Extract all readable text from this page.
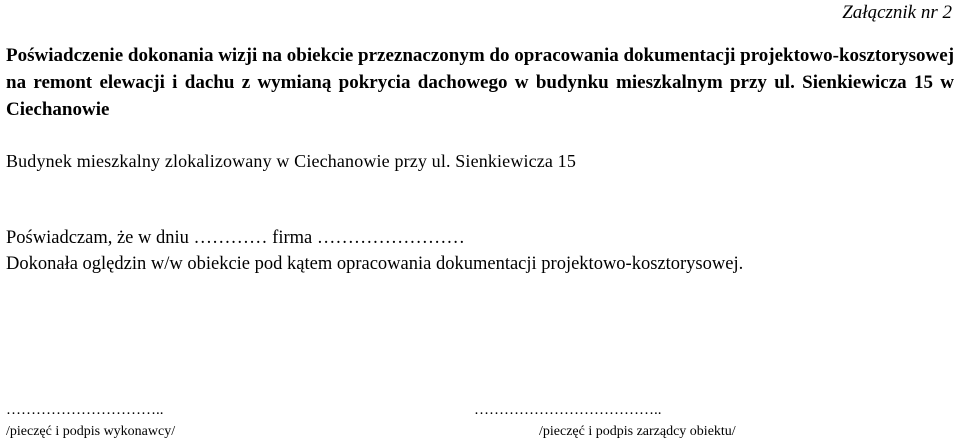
Załącznik nr 2
Poświadczenie dokonania wizji na obiekcie przeznaczonym do opracowania dokumentacji projektowo-kosztorysowej na remont elewacji i dachu z wymianą pokrycia dachowego w budynku mieszkalnym przy ul. Sienkiewicza 15 w Ciechanowie
Budynek mieszkalny zlokalizowany w Ciechanowie przy ul. Sienkiewicza 15
Poświadczam, że w dniu ………… firma ……………………
Dokonała oględzin w/w obiekcie pod kątem opracowania dokumentacji projektowo-kosztorysowej.
…………………………..
/pieczęć i podpis wykonawcy/
………………………………..
/pieczęć i podpis zarządcy obiektu/
